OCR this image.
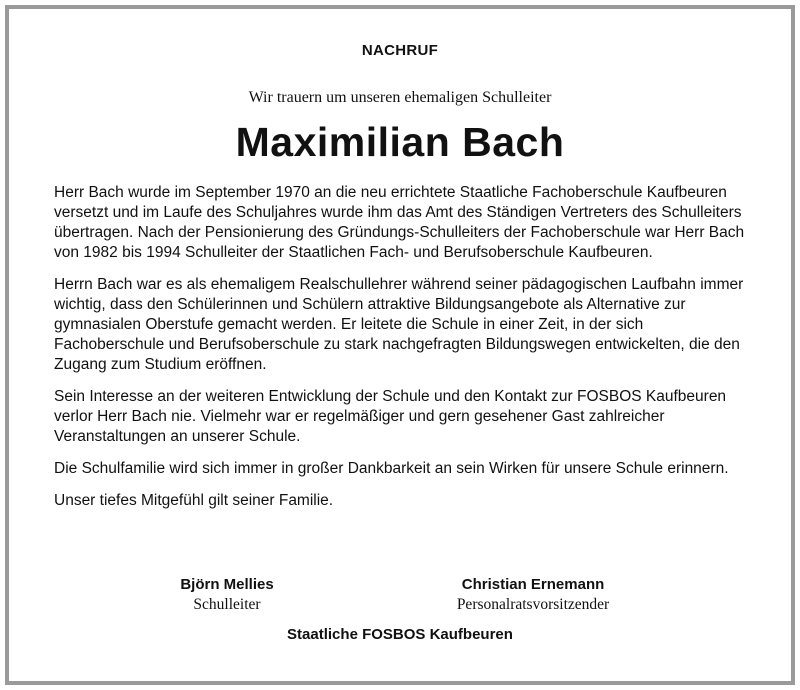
NACHRUF
Wir trauern um unseren ehemaligen Schulleiter
Maximilian Bach

Herr Bach wurde im September 1970 an die neu errichtete Staatliche Fachoberschule Kaufbeuren versetzt und im Laufe des Schuljahres wurde ihm das Amt des Ständigen Vertreters des Schulleiters übertragen. Nach der Pensionierung des Gründungs-Schulleiters der Fachoberschule war Herr Bach von 1982 bis 1994 Schulleiter der Staatlichen Fach- und Berufsoberschule Kaufbeuren.

Herrn Bach war es als ehemaligem Realschullehrer während seiner pädagogischen Laufbahn immer wichtig, dass den Schülerinnen und Schülern attraktive Bildungsangebote als Alternative zur gymnasialen Oberstufe gemacht werden. Er leitete die Schule in einer Zeit, in der sich Fachoberschule und Berufsoberschule zu stark nachgefragten Bildungswegen entwickelten, die den Zugang zum Studium eröffnen.

Sein Interesse an der weiteren Entwicklung der Schule und den Kontakt zur FOSBOS Kaufbeuren verlor Herr Bach nie. Vielmehr war er regelmäßiger und gern gesehener Gast zahlreicher Veranstaltungen an unserer Schule.

Die Schulfamilie wird sich immer in großer Dankbarkeit an sein Wirken für unsere Schule erinnern.

Unser tiefes Mitgefühl gilt seiner Familie.

Björn Mellies
Schulleiter
Christian Ernemann
Personalratsvorsitzender
Staatliche FOSBOS Kaufbeuren
